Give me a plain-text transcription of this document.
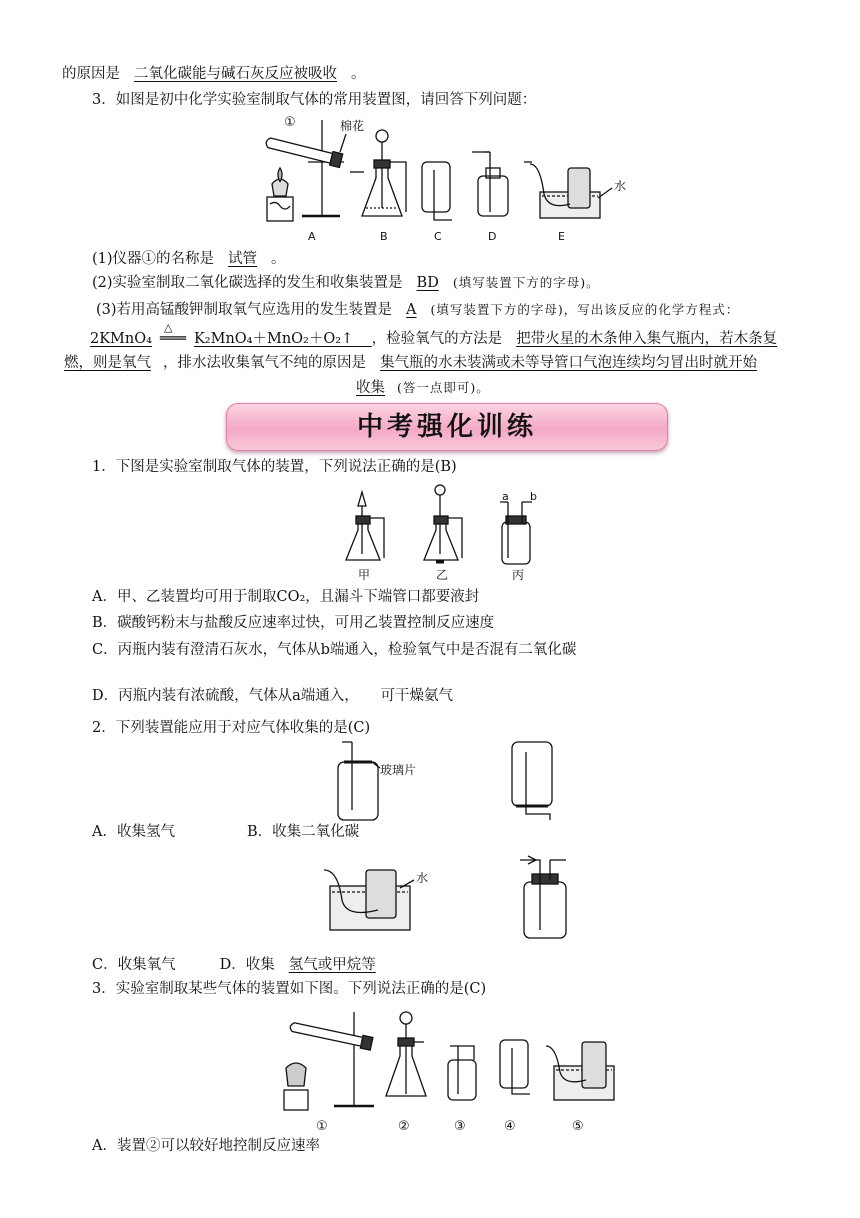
的原因是 二氧化碳能与碱石灰反应被吸收 。
3．如图是初中化学实验室制取气体的常用装置图，请回答下列问题：
①	棉花
水
A	B	C	D	E
(1)仪器①的名称是 试管 。
(2)实验室制取二氧化碳选择的发生和收集装置是 BD (填写装置下方的字母)。
(3)若用高锰酸钾制取氧气应选用的发生装置是 A (填写装置下方的字母)，写出该反应的化学方程式：
2KMnO₄
△
═══ K₂MnO₄＋MnO₂＋O₂↑ ，检验氧气的方法是 把带火星的木条伸入集气瓶内，若木条复
燃，则是氧气 ，排水法收集氧气不纯的原因是 集气瓶的水未装满或未等导管口气泡连续均匀冒出时就开始
收集 (答一点即可)。
中考强化训练
1．下图是实验室制取气体的装置，下列说法正确的是(B)
a b
甲	乙	丙
A．甲、乙装置均可用于制取CO₂，且漏斗下端管口都要液封
B．碳酸钙粉末与盐酸反应速率过快，可用乙装置控制反应速度
C．丙瓶内装有澄清石灰水，气体从b端通入，检验氧气中是否混有二氧化碳
D．丙瓶内装有浓硫酸，气体从a端通入，　　可干燥氨气
2．下列装置能应用于对应气体收集的是(C)
玻璃片
A．收集氢气	B．收集二氧化碳
水
C．收集氧气	D．收集 氢气或甲烷等
3．实验室制取某些气体的装置如下图。下列说法正确的是(C)
①	②	③	④	⑤
A．装置②可以较好地控制反应速率
